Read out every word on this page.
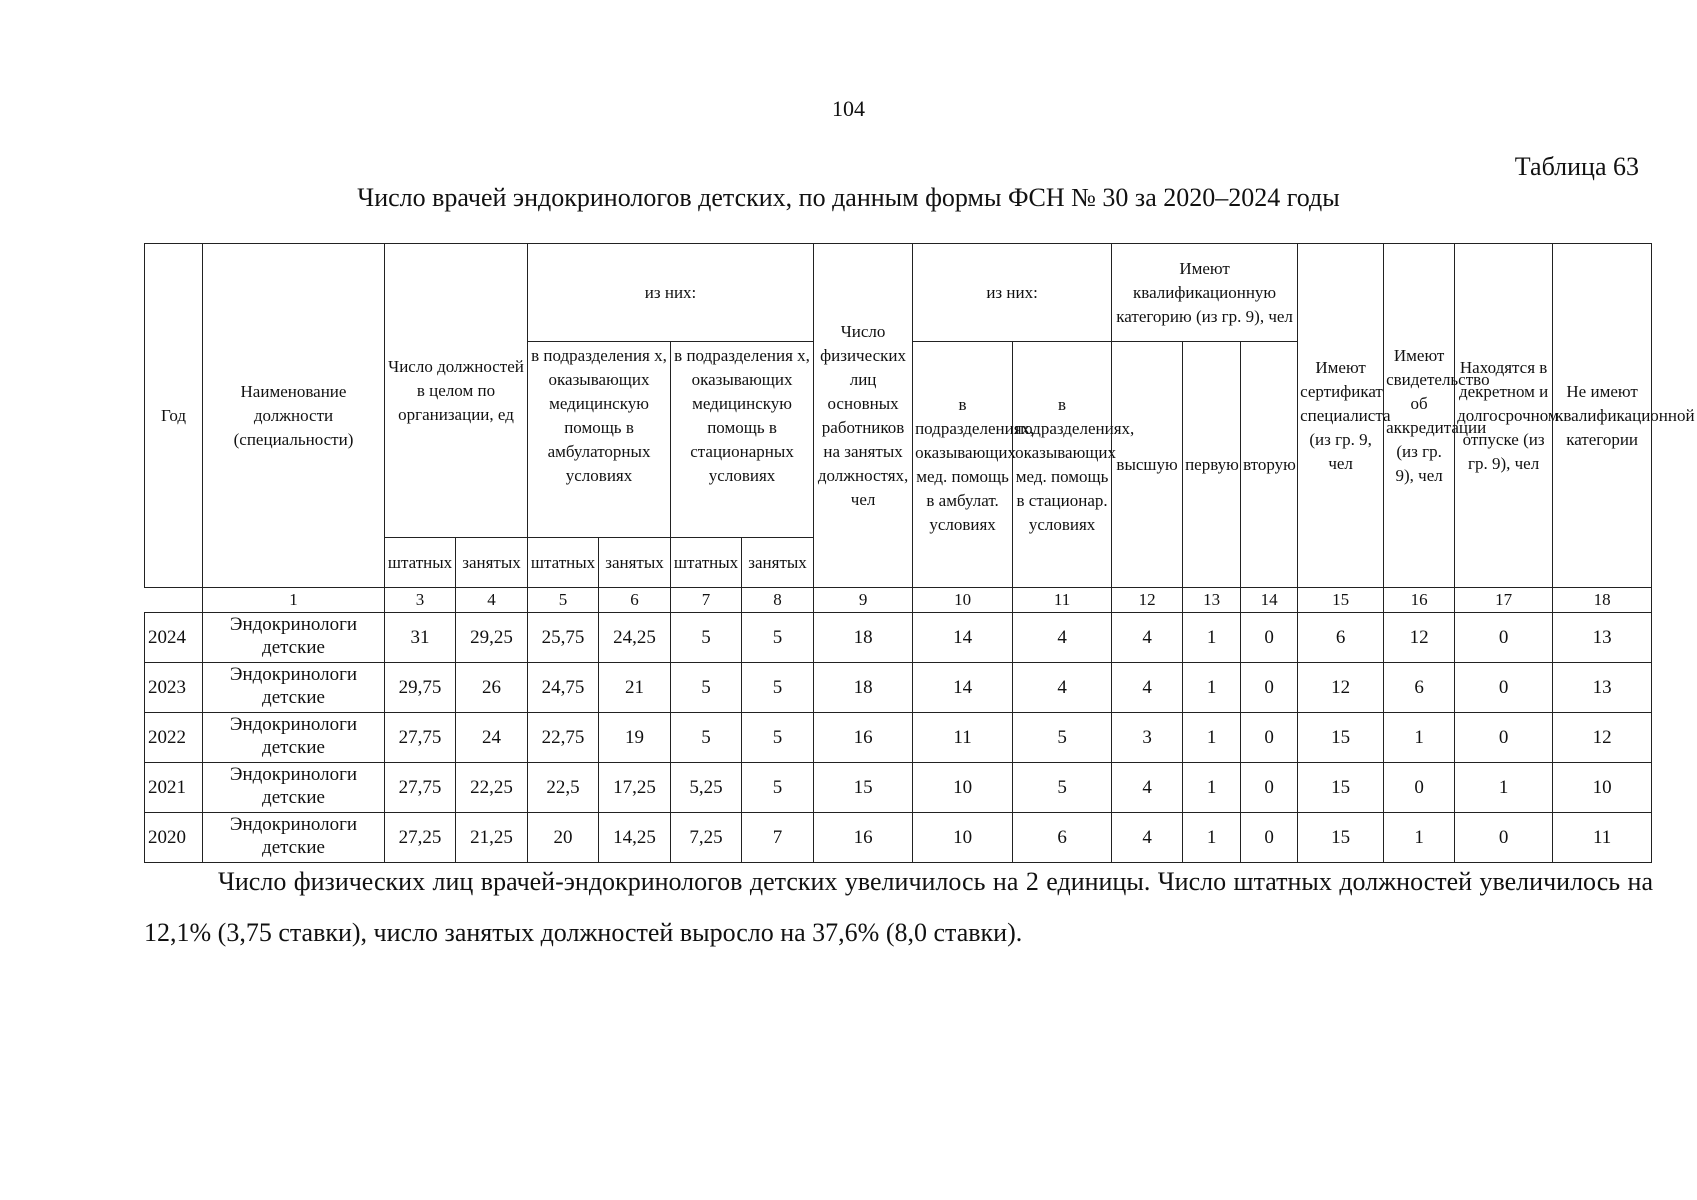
104
Таблица 63
Число врачей эндокринологов детских, по данным формы ФСН № 30 за 2020–2024 годы
Год	Наименование должности (специальности)	Число должностей в целом по организации, ед		из них:				Число физических лиц основных работников на занятых должностях, чел	из них:		Имеют квалификационную категорию (из гр. 9), чел			Имеют сертификат специалиста (из гр. 9, чел	Имеют свидетельство об аккредитации (из гр. 9), чел	Находятся в декретном и долгосрочном отпуске (из гр. 9), чел	Не имеют квалификационной категории
				в подразделения х, оказывающих медицинскую помощь в амбулаторных условиях		в подразделения х, оказывающих медицинскую помощь в стационарных условиях			в подразделениях, оказывающих мед. помощь в амбулат. условиях	в подразделениях, оказывающих мед. помощь в стационар. условиях	высшую	первую	вторую				
		штатных	занятых	штатных	занятых	штатных	занятых										
	1	3	4	5	6	7	8	9	10	11	12	13	14	15	16	17	18
2024	Эндокринологи детские	31	29,25	25,75	24,25	5	5	18	14	4	4	1	0	6	12	0	13
2023	Эндокринологи детские	29,75	26	24,75	21	5	5	18	14	4	4	1	0	12	6	0	13
2022	Эндокринологи детские	27,75	24	22,75	19	5	5	16	11	5	3	1	0	15	1	0	12
2021	Эндокринологи детские	27,75	22,25	22,5	17,25	5,25	5	15	10	5	4	1	0	15	0	1	10
2020	Эндокринологи детские	27,25	21,25	20	14,25	7,25	7	16	10	6	4	1	0	15	1	0	11
Число физических лиц врачей-эндокринологов детских увеличилось на 2 единицы. Число штатных должностей увеличилось на 12,1% (3,75 ставки), число занятых должностей выросло на 37,6% (8,0 ставки).
